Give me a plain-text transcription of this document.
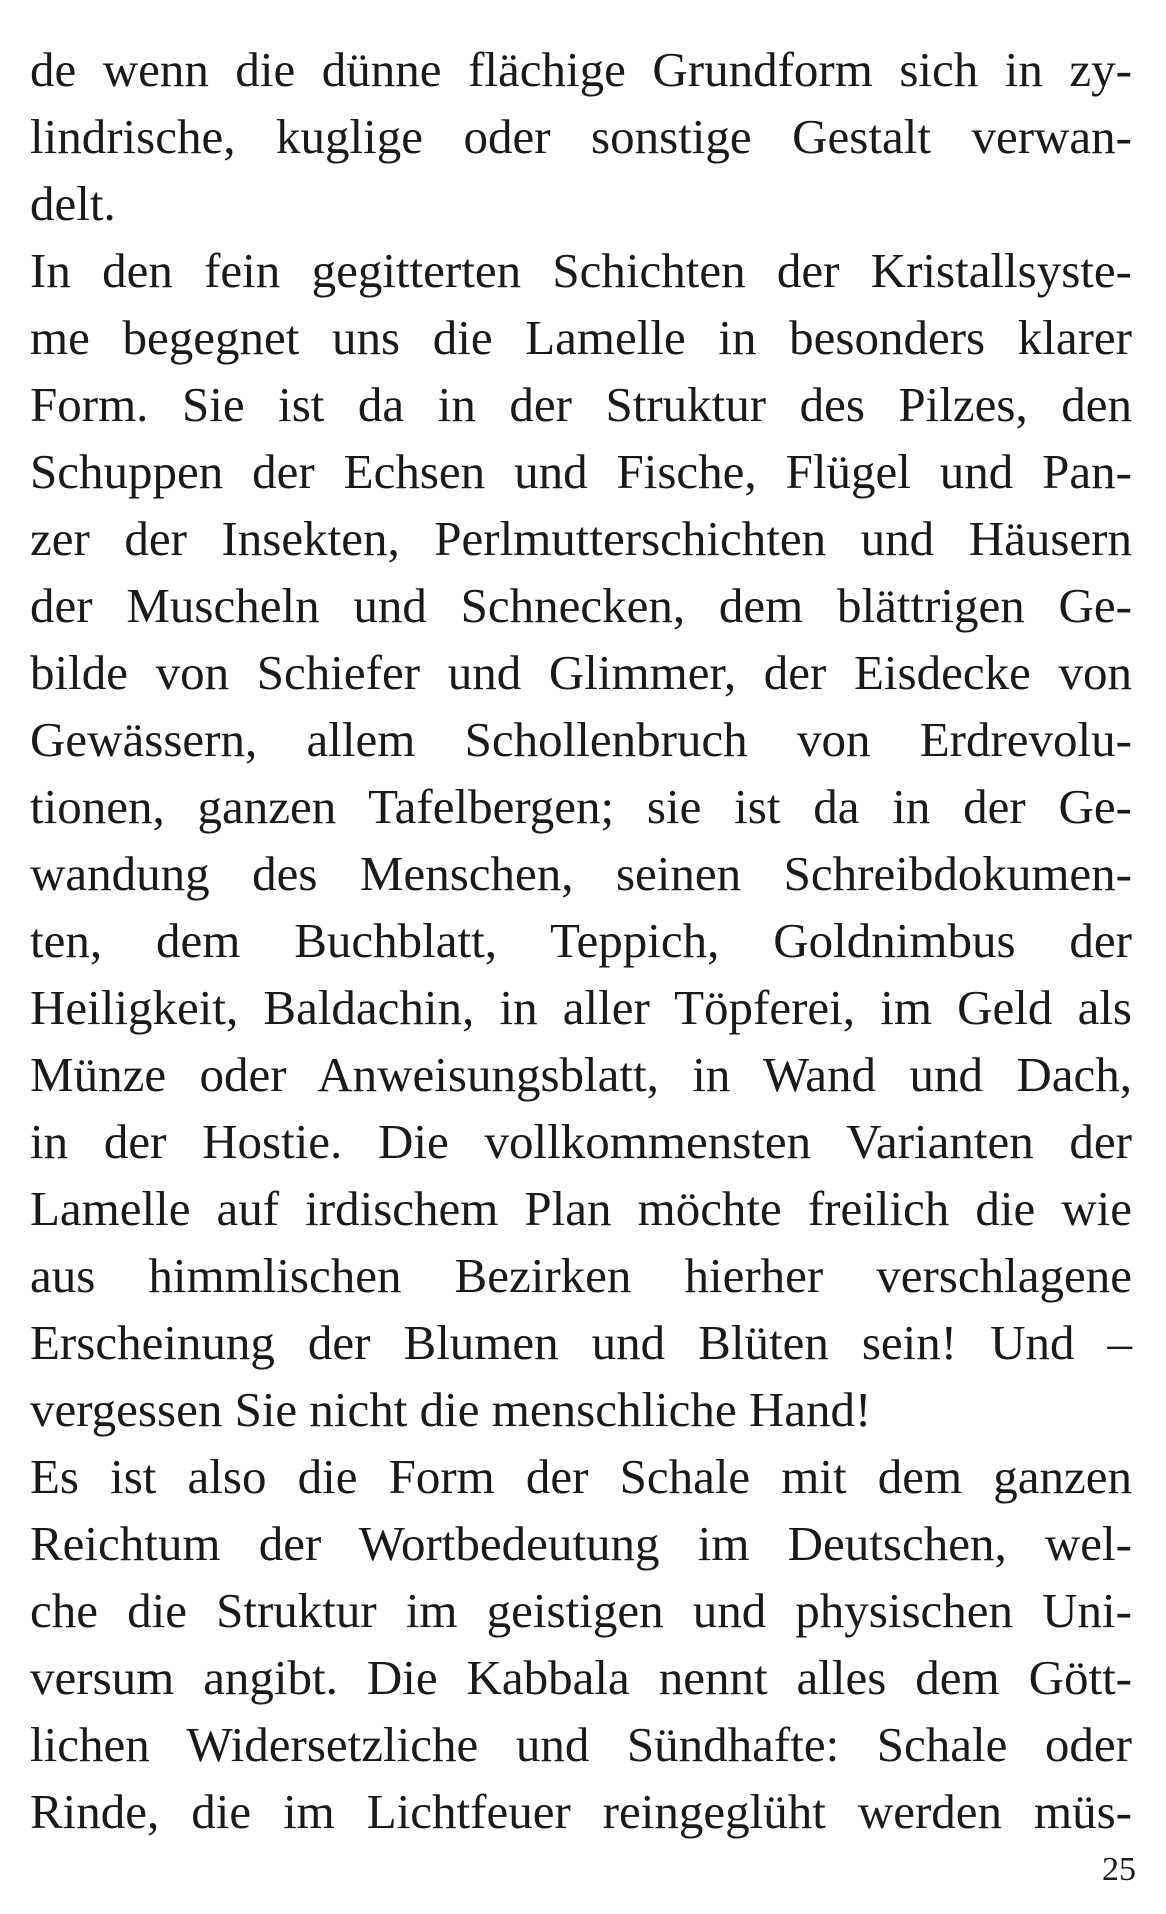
de wenn die dünne flächige Grundform sich in zy-
lindrische, kuglige oder sonstige Gestalt verwan-
delt.
In den fein gegitterten Schichten der Kristallsyste-
me begegnet uns die Lamelle in besonders klarer
Form. Sie ist da in der Struktur des Pilzes, den
Schuppen der Echsen und Fische, Flügel und Pan-
zer der Insekten, Perlmutterschichten und Häusern
der Muscheln und Schnecken, dem blättrigen Ge-
bilde von Schiefer und Glimmer, der Eisdecke von
Gewässern, allem Schollenbruch von Erdrevolu-
tionen, ganzen Tafelbergen; sie ist da in der Ge-
wandung des Menschen, seinen Schreibdokumen-
ten, dem Buchblatt, Teppich, Goldnimbus der
Heiligkeit, Baldachin, in aller Töpferei, im Geld als
Münze oder Anweisungsblatt, in Wand und Dach,
in der Hostie. Die vollkommensten Varianten der
Lamelle auf irdischem Plan möchte freilich die wie
aus himmlischen Bezirken hierher verschlagene
Erscheinung der Blumen und Blüten sein! Und –
vergessen Sie nicht die menschliche Hand!
Es ist also die Form der Schale mit dem ganzen
Reichtum der Wortbedeutung im Deutschen, wel-
che die Struktur im geistigen und physischen Uni-
versum angibt. Die Kabbala nennt alles dem Gött-
lichen Widersetzliche und Sündhafte: Schale oder
Rinde, die im Lichtfeuer reingeglüht werden müs-
25
